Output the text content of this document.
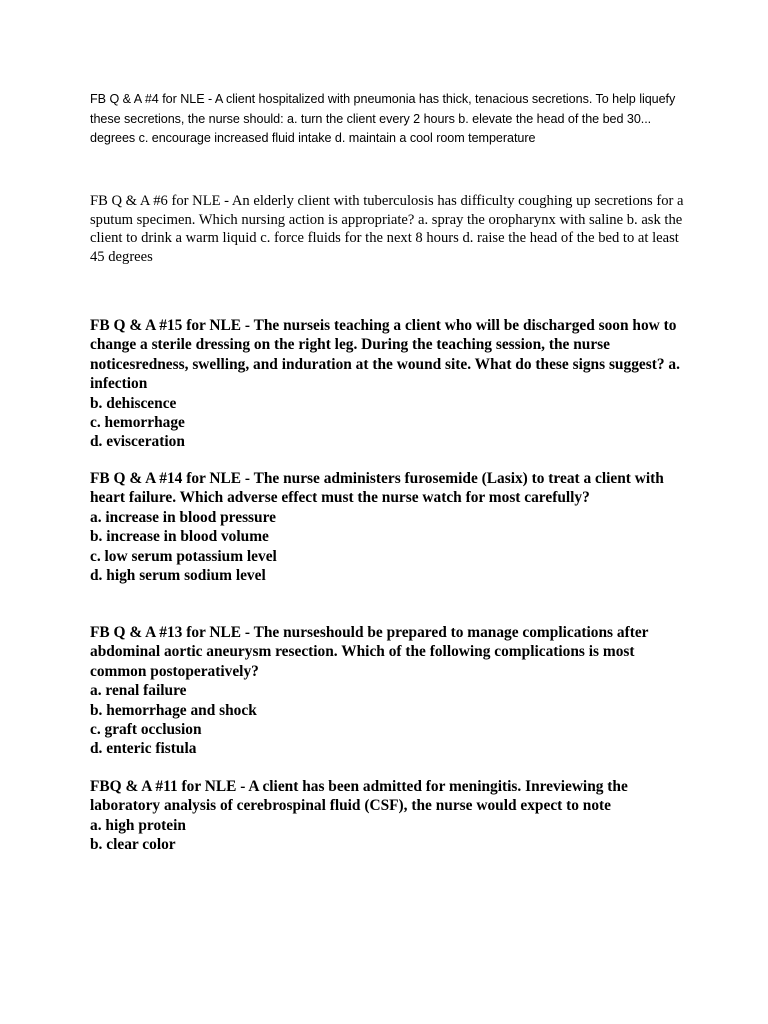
FB Q & A #4 for NLE - A client hospitalized with pneumonia has thick, tenacious secretions. To help liquefy these secretions, the nurse should: a. turn the client every 2 hours b. elevate the head of the bed 30... degrees c. encourage increased fluid intake d. maintain a cool room temperature

FB Q & A #6 for NLE - An elderly client with tuberculosis has difficulty coughing up secretions for a sputum specimen. Which nursing action is appropriate? a. spray the oropharynx with saline b. ask the client to drink a warm liquid c. force fluids for the next 8 hours d. raise the head of the bed to at least 45 degrees

FB Q & A #15 for NLE - The nurseis teaching a client who will be discharged soon how to change a sterile dressing on the right leg. During the teaching session, the nurse noticesredness, swelling, and induration at the wound site. What do these signs suggest? a. infection

b. dehiscence

c. hemorrhage

d. evisceration

FB Q & A #14 for NLE - The nurse administers furosemide (Lasix) to treat a client with heart failure. Which adverse effect must the nurse watch for most carefully?

a. increase in blood pressure

b. increase in blood volume

c. low serum potassium level

d. high serum sodium level

FB Q & A #13 for NLE - The nurseshould be prepared to manage complications after abdominal aortic aneurysm resection. Which of the following complications is most common postoperatively?

a. renal failure

b. hemorrhage and shock

c. graft occlusion

d. enteric fistula

FBQ & A #11 for NLE - A client has been admitted for meningitis. Inreviewing the laboratory analysis of cerebrospinal fluid (CSF), the nurse would expect to note

a. high protein

b. clear color
